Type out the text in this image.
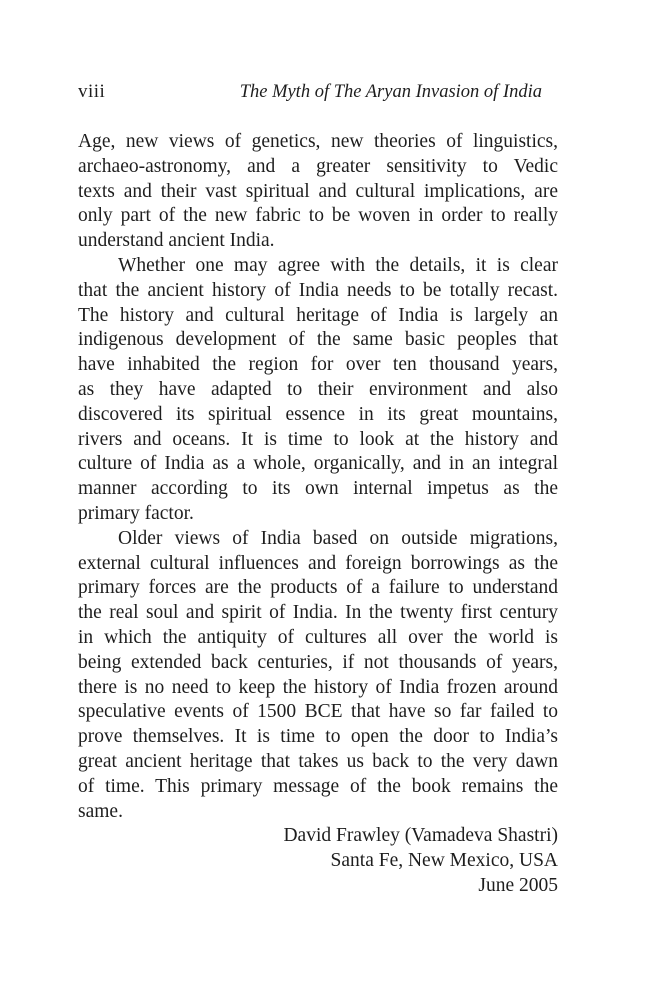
viii	The Myth of The Aryan Invasion of India
Age, new views of genetics, new theories of linguistics,
archaeo-astronomy, and a greater sensitivity to Vedic
texts and their vast spiritual and cultural implications, are
only part of the new fabric to be woven in order to really
understand ancient India.
Whether one may agree with the details, it is clear
that the ancient history of India needs to be totally recast.
The history and cultural heritage of India is largely an
indigenous development of the same basic peoples that
have inhabited the region for over ten thousand years,
as they have adapted to their environment and also
discovered its spiritual essence in its great mountains,
rivers and oceans. It is time to look at the history and
culture of India as a whole, organically, and in an integral
manner according to its own internal impetus as the
primary factor.
Older views of India based on outside migrations,
external cultural influences and foreign borrowings as the
primary forces are the products of a failure to understand
the real soul and spirit of India. In the twenty first century
in which the antiquity of cultures all over the world is
being extended back centuries, if not thousands of years,
there is no need to keep the history of India frozen around
speculative events of 1500 BCE that have so far failed to
prove themselves. It is time to open the door to India’s
great ancient heritage that takes us back to the very dawn
of time. This primary message of the book remains the
same.
David Frawley (Vamadeva Shastri)
Santa Fe, New Mexico, USA
June 2005
